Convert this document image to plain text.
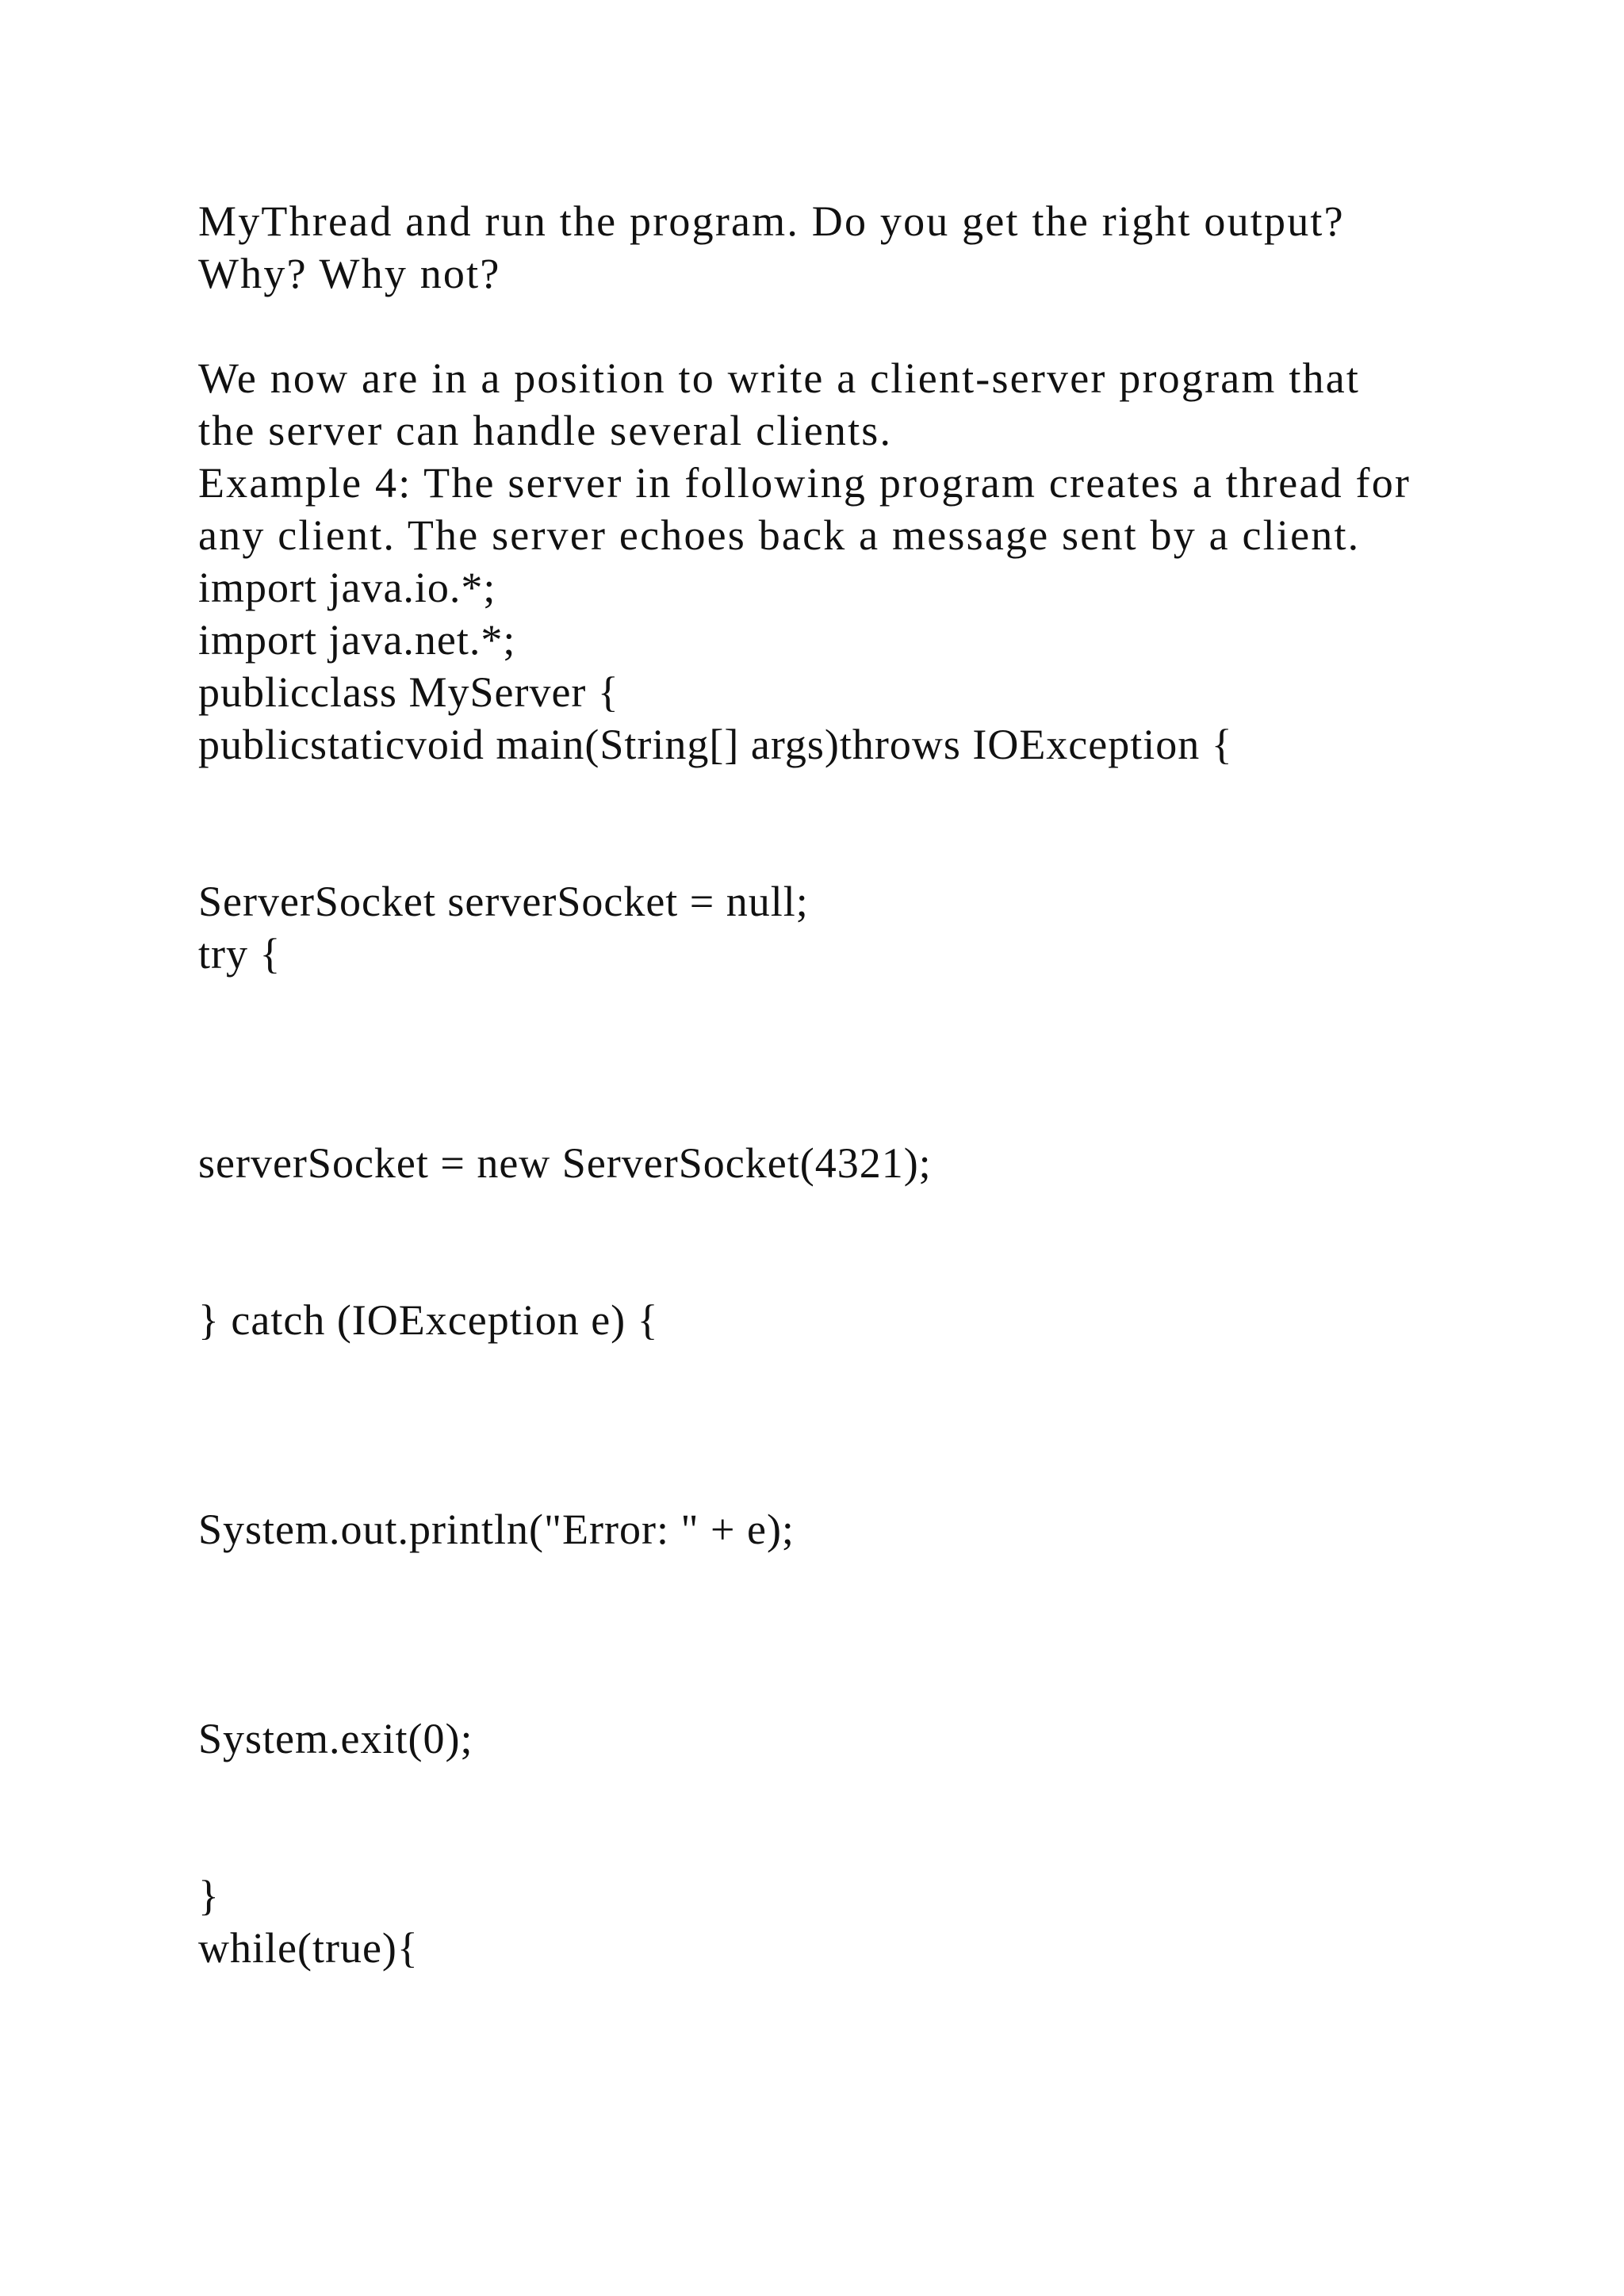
MyThread and run the program. Do you get the right output?

Why? Why not?

We now are in a position to write a client-server program that

the server can handle several clients.

Example 4: The server in following program creates a thread for

any client. The server echoes back a message sent by a client.

import java.io.*;

import java.net.*;

publicclass MyServer {

publicstaticvoid main(String[] args)throws IOException {

ServerSocket serverSocket = null;

try {

serverSocket = new ServerSocket(4321);

} catch (IOException e) {

System.out.println("Error: " + e);

System.exit(0);

}

while(true){
